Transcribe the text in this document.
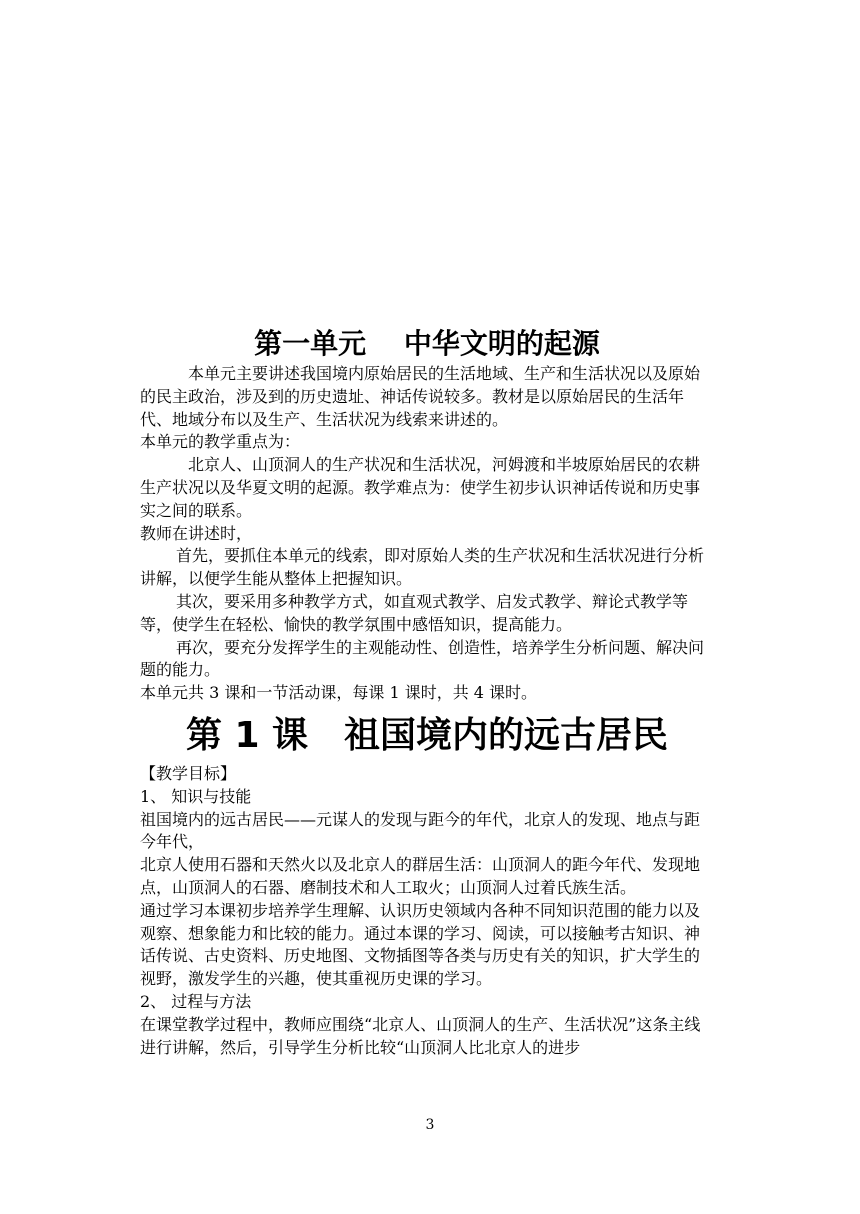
第一单元　 中华文明的起源

本单元主要讲述我国境内原始居民的生活地域、生产和生活状况以及原始的民主政治，涉及到的历史遗址、神话传说较多。教材是以原始居民的生活年代、地域分布以及生产、生活状况为线索来讲述的。

本单元的教学重点为：

北京人、山顶洞人的生产状况和生活状况，河姆渡和半坡原始居民的农耕生产状况以及华夏文明的起源。教学难点为：使学生初步认识神话传说和历史事实之间的联系。

教师在讲述时，

首先，要抓住本单元的线索，即对原始人类的生产状况和生活状况进行分析讲解，以便学生能从整体上把握知识。

其次，要采用多种教学方式，如直观式教学、启发式教学、辩论式教学等等，使学生在轻松、愉快的教学氛围中感悟知识，提高能力。

再次，要充分发挥学生的主观能动性、创造性，培养学生分析问题、解决问题的能力。

本单元共 3 课和一节活动课，每课 1 课时，共 4 课时。

第 1 课　祖国境内的远古居民

【教学目标】

1、 知识与技能

祖国境内的远古居民——元谋人的发现与距今的年代，北京人的发现、地点与距今年代，

北京人使用石器和天然火以及北京人的群居生活：山顶洞人的距今年代、发现地点，山顶洞人的石器、磨制技术和人工取火；山顶洞人过着氏族生活。

通过学习本课初步培养学生理解、认识历史领域内各种不同知识范围的能力以及观察、想象能力和比较的能力。通过本课的学习、阅读，可以接触考古知识、神话传说、古史资料、历史地图、文物插图等各类与历史有关的知识，扩大学生的视野，激发学生的兴趣，使其重视历史课的学习。

2、 过程与方法

在课堂教学过程中，教师应围绕“北京人、山顶洞人的生产、生活状况”这条主线进行讲解，然后，引导学生分析比较“山顶洞人比北京人的进步

3
